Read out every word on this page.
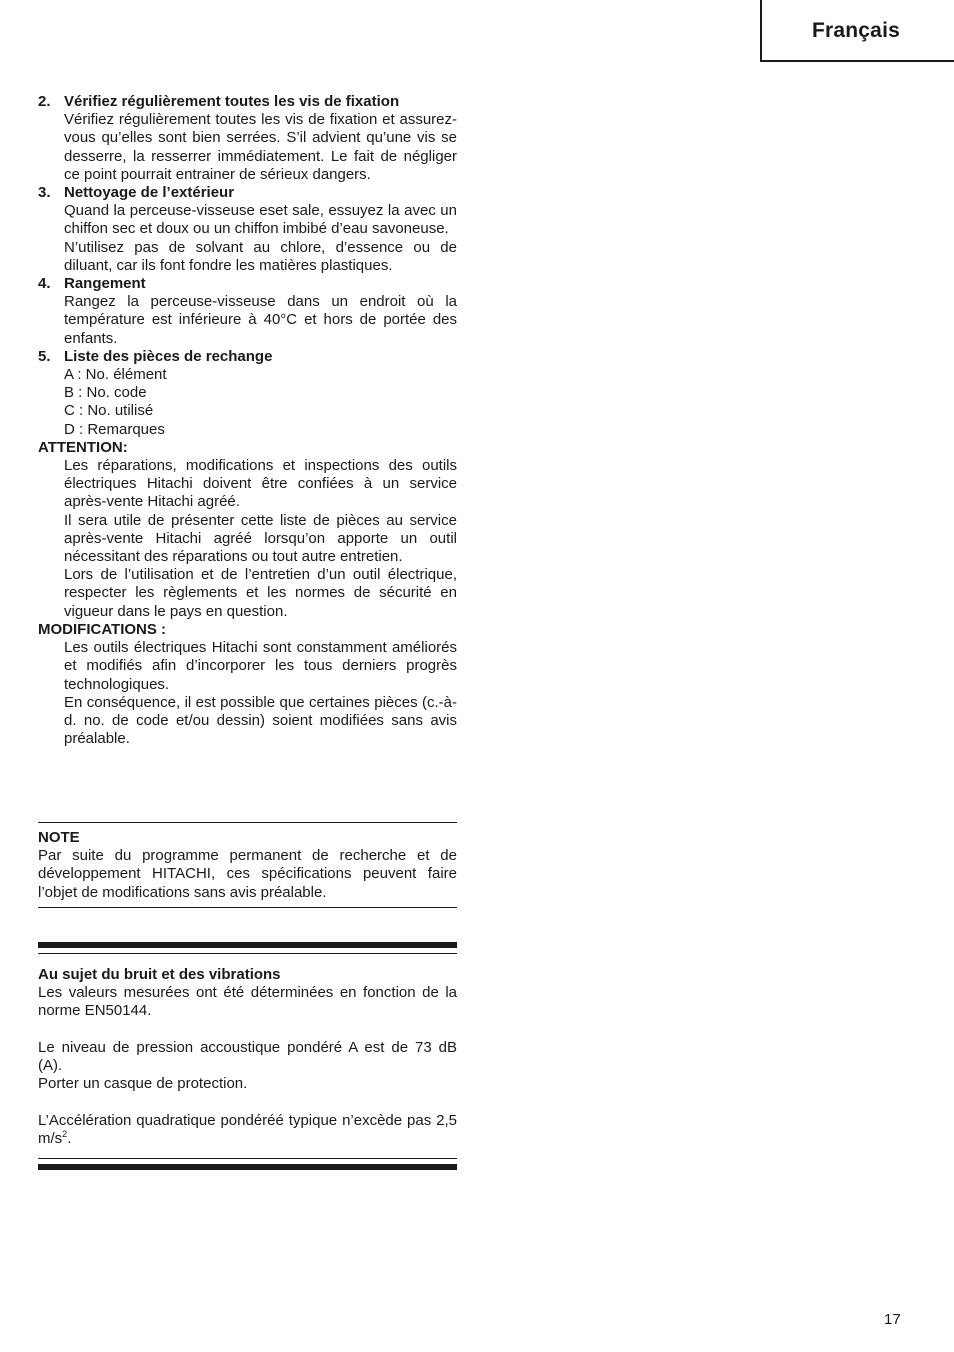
Français
2. Vérifiez régulièrement toutes les vis de fixation
Vérifiez régulièrement toutes les vis de fixation et assurez-vous qu’elles sont bien serrées. S’il advient qu’une vis se desserre, la resserrer immédiatement. Le fait de négliger ce point pourrait entrainer de sérieux dangers.
3. Nettoyage de l’extérieur
Quand la perceuse-visseuse eset sale, essuyez la avec un chiffon sec et doux ou un chiffon imbibé d’eau savoneuse.
N’utilisez pas de solvant au chlore, d’essence ou de diluant, car ils font fondre les matières plastiques.
4. Rangement
Rangez la perceuse-visseuse dans un endroit où la température est inférieure à 40°C et hors de portée des enfants.
5. Liste des pièces de rechange
A : No. élément
B : No. code
C : No. utilisé
D : Remarques
ATTENTION:
Les réparations, modifications et inspections des outils électriques Hitachi doivent être confiées à un service après-vente Hitachi agréé.
Il sera utile de présenter cette liste de pièces au service après-vente Hitachi agréé lorsqu’on apporte un outil nécessitant des réparations ou tout autre entretien.
Lors de l’utilisation et de l’entretien d’un outil électrique, respecter les règlements et les normes de sécurité en vigueur dans le pays en question.
MODIFICATIONS :
Les outils électriques Hitachi sont constamment améliorés et modifiés afin d’incorporer les tous derniers progrès technologiques.
En conséquence, il est possible que certaines pièces (c.-à-d. no. de code et/ou dessin) soient modifiées sans avis préalable.
NOTE
Par suite du programme permanent de recherche et de développement HITACHI, ces spécifications peuvent faire l’objet de modifications sans avis préalable.
Au sujet du bruit et des vibrations
Les valeurs mesurées ont été déterminées en fonction de la norme EN50144.
Le niveau de pression accoustique pondéré A est de 73 dB (A).
Porter un casque de protection.
L’Accélération quadratique pondéréé typique n’excède pas 2,5 $m/s^2$.
17
